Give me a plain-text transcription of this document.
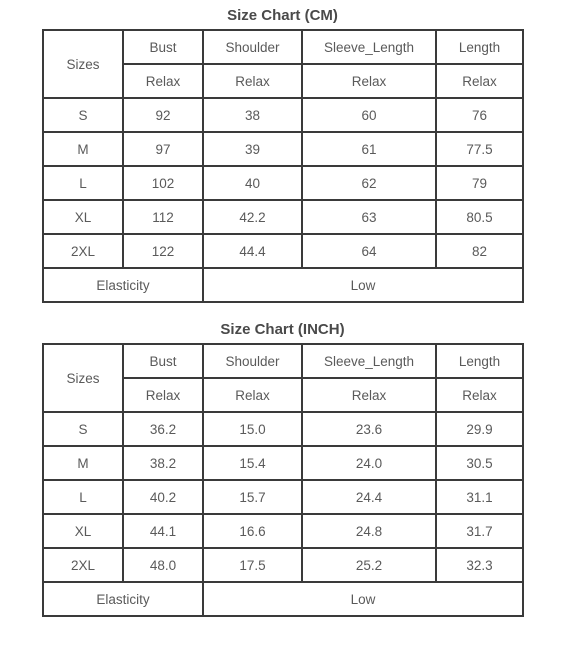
Size Chart (CM)
Sizes	Bust	Shoulder	Sleeve_Length	Length
	Relax	Relax	Relax	Relax
S	92	38	60	76
M	97	39	61	77.5
L	102	40	62	79
XL	112	42.2	63	80.5
2XL	122	44.4	64	82
Elasticity		Low		
Size Chart (INCH)
Sizes	Bust	Shoulder	Sleeve_Length	Length
	Relax	Relax	Relax	Relax
S	36.2	15.0	23.6	29.9
M	38.2	15.4	24.0	30.5
L	40.2	15.7	24.4	31.1
XL	44.1	16.6	24.8	31.7
2XL	48.0	17.5	25.2	32.3
Elasticity		Low		
